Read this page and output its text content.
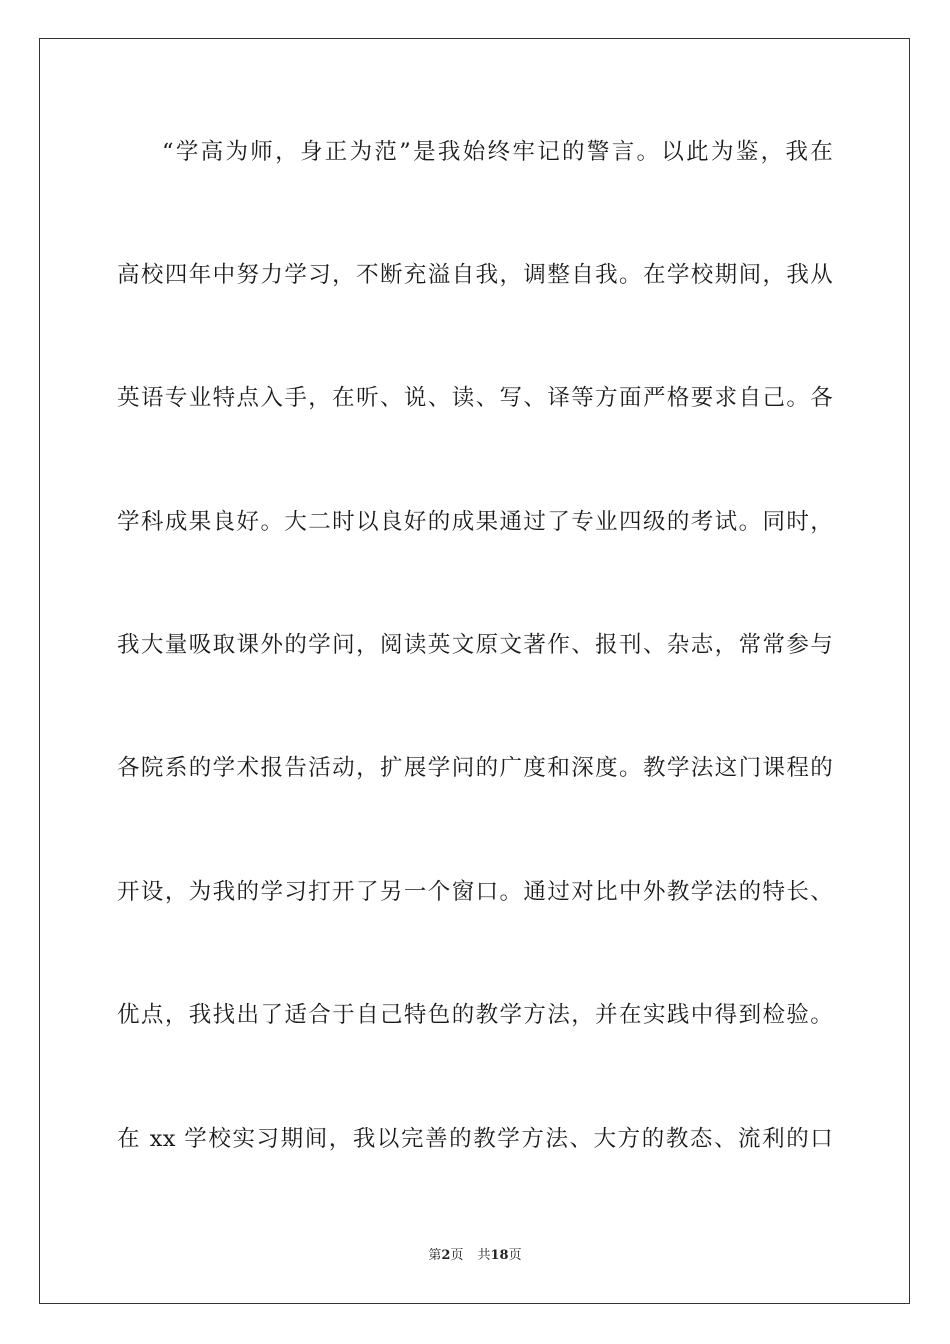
“学高为师，身正为范”是我始终牢记的警言。以此为鉴，我在
高校四年中努力学习，不断充溢自我，调整自我。在学校期间，我从
英语专业特点入手，在听、说、读、写、译等方面严格要求自己。各
学科成果良好。大二时以良好的成果通过了专业四级的考试。同时，
我大量吸取课外的学问，阅读英文原文著作、报刊、杂志，常常参与
各院系的学术报告活动，扩展学问的广度和深度。教学法这门课程的
开设，为我的学习打开了另一个窗口。通过对比中外教学法的特长、
优点，我找出了适合于自己特色的教学方法，并在实践中得到检验。
在 xx 学校实习期间，我以完善的教学方法、大方的教态、流利的口
第2页 共18页
